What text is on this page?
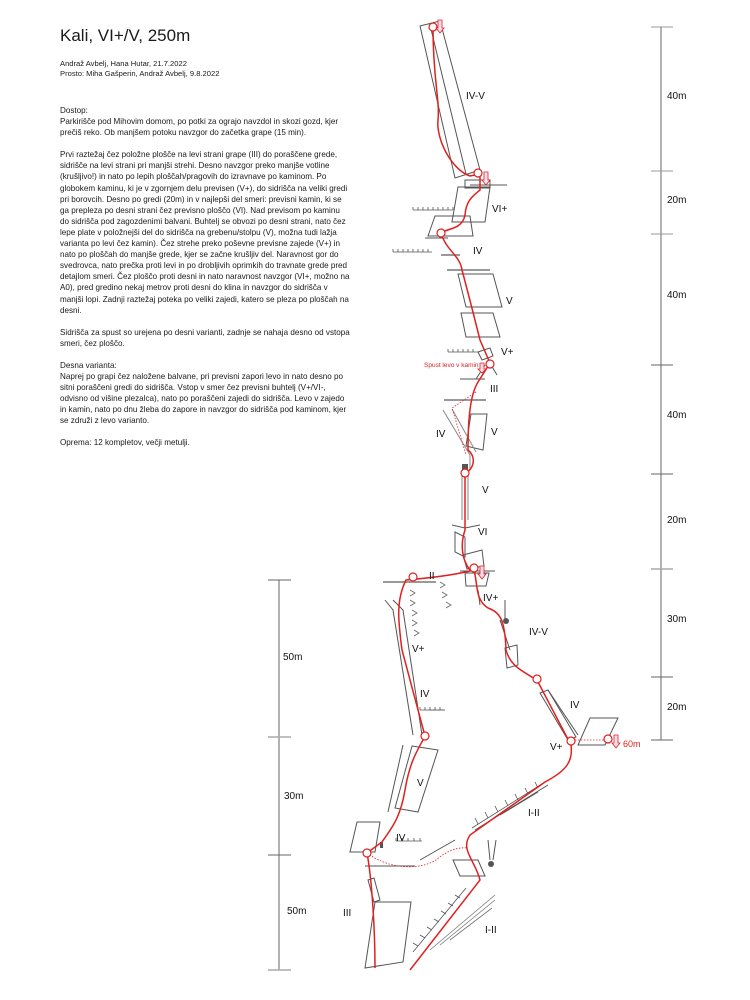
Kali, VI+/V, 250m
Andraž Avbelj, Hana Hutar, 21.7.2022
Prosto: Miha Gašperin, Andraž Avbelj, 9.8.2022

Dostop:
Parkirišče pod Mihovim domom, po potki za ograjo navzdol in skozi gozd, kjer prečiš reko. Ob manjšem potoku navzgor do začetka grape (15 min).

Prvi raztežaj čez položne plošče na levi strani grape (III) do poraščene grede, sidrišče na levi strani pri manjši strehi. Desno navzgor preko manjše votline (krušljivo!) in nato po lepih ploščah/pragovih do izravnave po kaminom. Po globokem kaminu, ki je v zgornjem delu previsen (V+), do sidrišča na veliki gredi pri borovcih. Desno po gredi (20m) in v najlepši del smeri: previsni kamin, ki se ga prepleza po desni strani čez previsno ploščo (VI). Nad previsom po kaminu do sidrišča pod zagozdenimi balvani. Buhtelj se obvozi po desni strani, nato čez lepe plate v položnejši del do sidrišča na grebenu/stolpu (V), možna tudi lažja varianta po levi čez kamin). Čez strehe preko poševne previsne zajede (V+) in nato po ploščah do manjše grede, kjer se začne krušljiv del. Naravnost gor do svedrovca, nato prečka proti levi in po drobljivih oprimkih do travnate grede pred detajlom smeri. Čez ploščo proti desni in nato naravnost navzgor (VI+, možno na A0), pred gredino nekaj metrov proti desni do klina in navzgor do sidrišča v manjši lopi. Zadnji raztežaj poteka po veliki zajedi, katero se pleza po ploščah na desni.

Sidrišča za spust so urejena po desni varianti, zadnje se nahaja desno od vstopa smeri, čez ploščo.

Desna varianta:
Naprej po grapi čez naložene balvane, pri previsni zapori levo in nato desno po sitni poraščeni gredi do sidrišča. Vstop v smer čez previsni buhtelj (V+/VI-, odvisno od višine plezalca), nato po poraščeni zajedi do sidrišča. Levo v zajedo in kamin, nato po dnu žleba do zapore in navzgor do sidrišča pod kaminom, kjer se združi z levo varianto.

Oprema: 12 kompletov, večji metulji.

IV-V
VI+
IV
V
V+
III
IV	V
V
VI
II
IV+
V+
IV-V
IV
IV
V+
V
IV
I-II
III
I-II
Spust levo v kamin
60m
40m
20m
40m
40m
20m
30m
20m
50m
30m
50m
